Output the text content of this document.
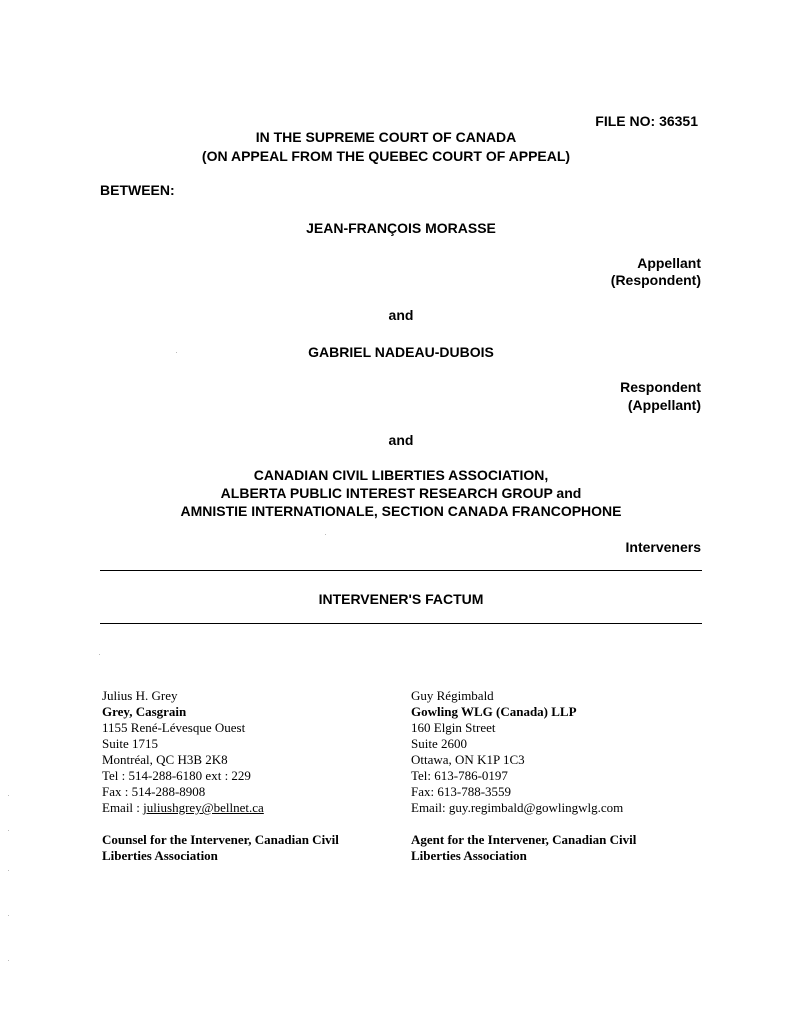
FILE NO: 36351
IN THE SUPREME COURT OF CANADA
(ON APPEAL FROM THE QUEBEC COURT OF APPEAL)
BETWEEN:
JEAN-FRANÇOIS MORASSE
Appellant
(Respondent)
and
GABRIEL NADEAU-DUBOIS
Respondent
(Appellant)
and
CANADIAN CIVIL LIBERTIES ASSOCIATION,
ALBERTA PUBLIC INTEREST RESEARCH GROUP and
AMNISTIE INTERNATIONALE, SECTION CANADA FRANCOPHONE
Interveners
INTERVENER'S FACTUM
Julius H. Grey
Grey, Casgrain
1155 René-Lévesque Ouest
Suite 1715
Montréal, QC H3B 2K8
Tel : 514-288-6180 ext : 229
Fax : 514-288-8908
Email : juliushgrey@bellnet.ca
Counsel for the Intervener, Canadian Civil
Liberties Association
Guy Régimbald
Gowling WLG (Canada) LLP
160 Elgin Street
Suite 2600
Ottawa, ON K1P 1C3
Tel: 613-786-0197
Fax: 613-788-3559
Email: guy.regimbald@gowlingwlg.com
Agent for the Intervener, Canadian Civil
Liberties Association
